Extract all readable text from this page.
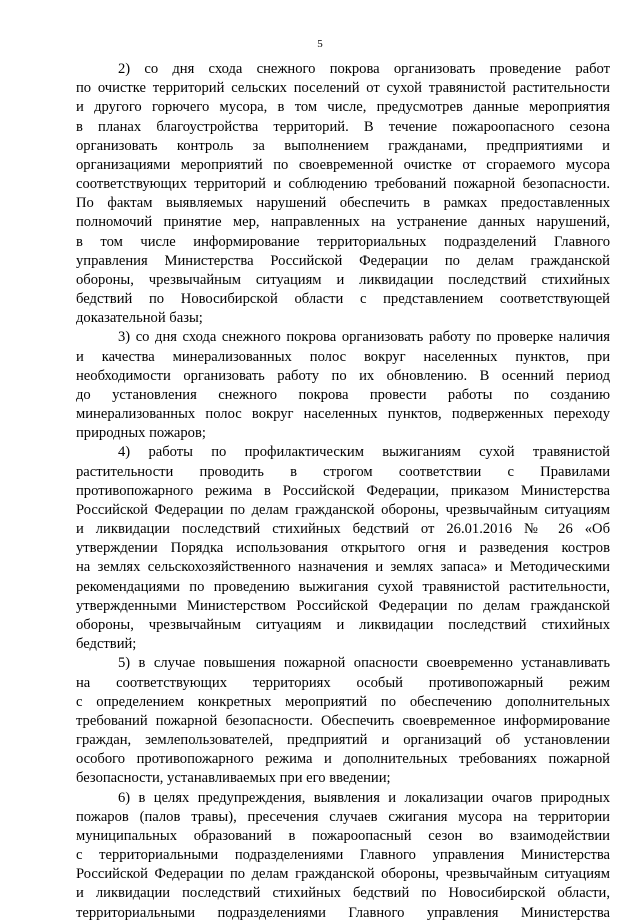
5
2) со дня схода снежного покрова организовать проведение работ
по очистке территорий сельских поселений от сухой травянистой растительности
и другого горючего мусора, в том числе, предусмотрев данные мероприятия
в планах благоустройства территорий. В течение пожароопасного сезона
организовать контроль за выполнением гражданами, предприятиями и
организациями мероприятий по своевременной очистке от сгораемого мусора
соответствующих территорий и соблюдению требований пожарной безопасности.
По фактам выявляемых нарушений обеспечить в рамках предоставленных
полномочий принятие мер, направленных на устранение данных нарушений,
в том числе информирование территориальных подразделений Главного
управления Министерства Российской Федерации по делам гражданской
обороны, чрезвычайным ситуациям и ликвидации последствий стихийных
бедствий по Новосибирской области с представлением соответствующей
доказательной базы;
3) со дня схода снежного покрова организовать работу по проверке наличия
и качества минерализованных полос вокруг населенных пунктов, при
необходимости организовать работу по их обновлению. В осенний период
до установления снежного покрова провести работы по созданию
минерализованных полос вокруг населенных пунктов, подверженных переходу
природных пожаров;
4) работы по профилактическим выжиганиям сухой травянистой
растительности проводить в строгом соответствии с Правилами
противопожарного режима в Российской Федерации, приказом Министерства
Российской Федерации по делам гражданской обороны, чрезвычайным ситуациям
и ликвидации последствий стихийных бедствий от 26.01.2016 № 26 «Об
утверждении Порядка использования открытого огня и разведения костров
на землях сельскохозяйственного назначения и землях запаса» и Методическими
рекомендациями по проведению выжигания сухой травянистой растительности,
утвержденными Министерством Российской Федерации по делам гражданской
обороны, чрезвычайным ситуациям и ликвидации последствий стихийных
бедствий;
5) в случае повышения пожарной опасности своевременно устанавливать
на соответствующих территориях особый противопожарный режим
с определением конкретных мероприятий по обеспечению дополнительных
требований пожарной безопасности. Обеспечить своевременное информирование
граждан, землепользователей, предприятий и организаций об установлении
особого противопожарного режима и дополнительных требованиях пожарной
безопасности, устанавливаемых при его введении;
6) в целях предупреждения, выявления и локализации очагов природных
пожаров (палов травы), пресечения случаев сжигания мусора на территории
муниципальных образований в пожароопасный сезон во взаимодействии
с территориальными подразделениями Главного управления Министерства
Российской Федерации по делам гражданской обороны, чрезвычайным ситуациям
и ликвидации последствий стихийных бедствий по Новосибирской области,
территориальными подразделениями Главного управления Министерства
